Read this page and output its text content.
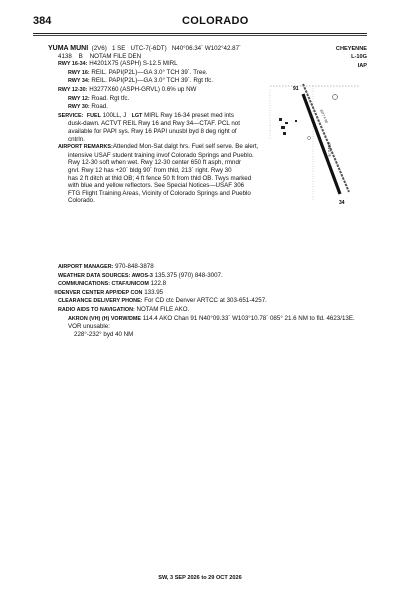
384	COLORADO
CHEYENNE
L-10G
IAP
YUMA MUNI (2V6) 1 SE UTC-7(-6DT) N40°06.34´ W102°42.87´
4138 B NOTAM FILE DEN
RWY 16-34: H4201X75 (ASPH) S-12.5 MIRL
RWY 16: REIL. PAPI(P2L)—GA 3.0° TCH 39´. Tree.
RWY 34: REIL. PAPI(P2L)—GA 3.0° TCH 39´. Rgt tfc.
RWY 12-30: H3277X60 (ASPH-GRVL) 0.6% up NW
RWY 12: Road. Rgt tfc.
RWY 30: Road.
SERVICE: FUEL 100LL, J LGT MIRL Rwy 16-34 preset med ints
dusk-dawn. ACTVT REIL Rwy 16 and Rwy 34—CTAF. PCL not
available for PAPI sys. Rwy 16 PAPI unusbl byd 8 deg right of
cntrln.
AIRPORT REMARKS:Attended Mon-Sat dalgt hrs. Fuel self serve. Be alert,
intensive USAF student training invof Colorado Springs and Pueblo.
Rwy 12-30 soft when wet. Rwy 12-30 center 650 ft asph, rmndr
grvl. Rwy 12 has +20´ bldg 90´ from thld, 213´ right. Rwy 30
has 2 ft ditch at thld OB; 4 ft fence 50 ft from thld OB. Twys marked
with blue and yellow reflectors. See Special Notices—USAF 306
FTG Flight Training Areas, Vicinity of Colorado Springs and Pueblo
Colorado.
AIRPORT MANAGER: 970-848-3878
WEATHER DATA SOURCES: AWOS-3 135.375 (970) 848-3007.
COMMUNICATIONS: CTAF/UNICOM 122.8
®DENVER CENTER APP/DEP CON 133.95
CLEARANCE DELIVERY PHONE: For CD ctc Denver ARTCC at 303-651-4257.
RADIO AIDS TO NAVIGATION: NOTAM FILE AKO.
AKRON (VH) (H) VORW/DME 114.4 AKO Chan 91 N40°09.33´ W103°10.78´ 085° 21.6 NM to fld. 4623/13E.
VOR unusable:
228°-232° byd 40 NM
91
34
4201 X 75
3277 X 60
SW, 3 SEP 2026 to 29 OCT 2026
